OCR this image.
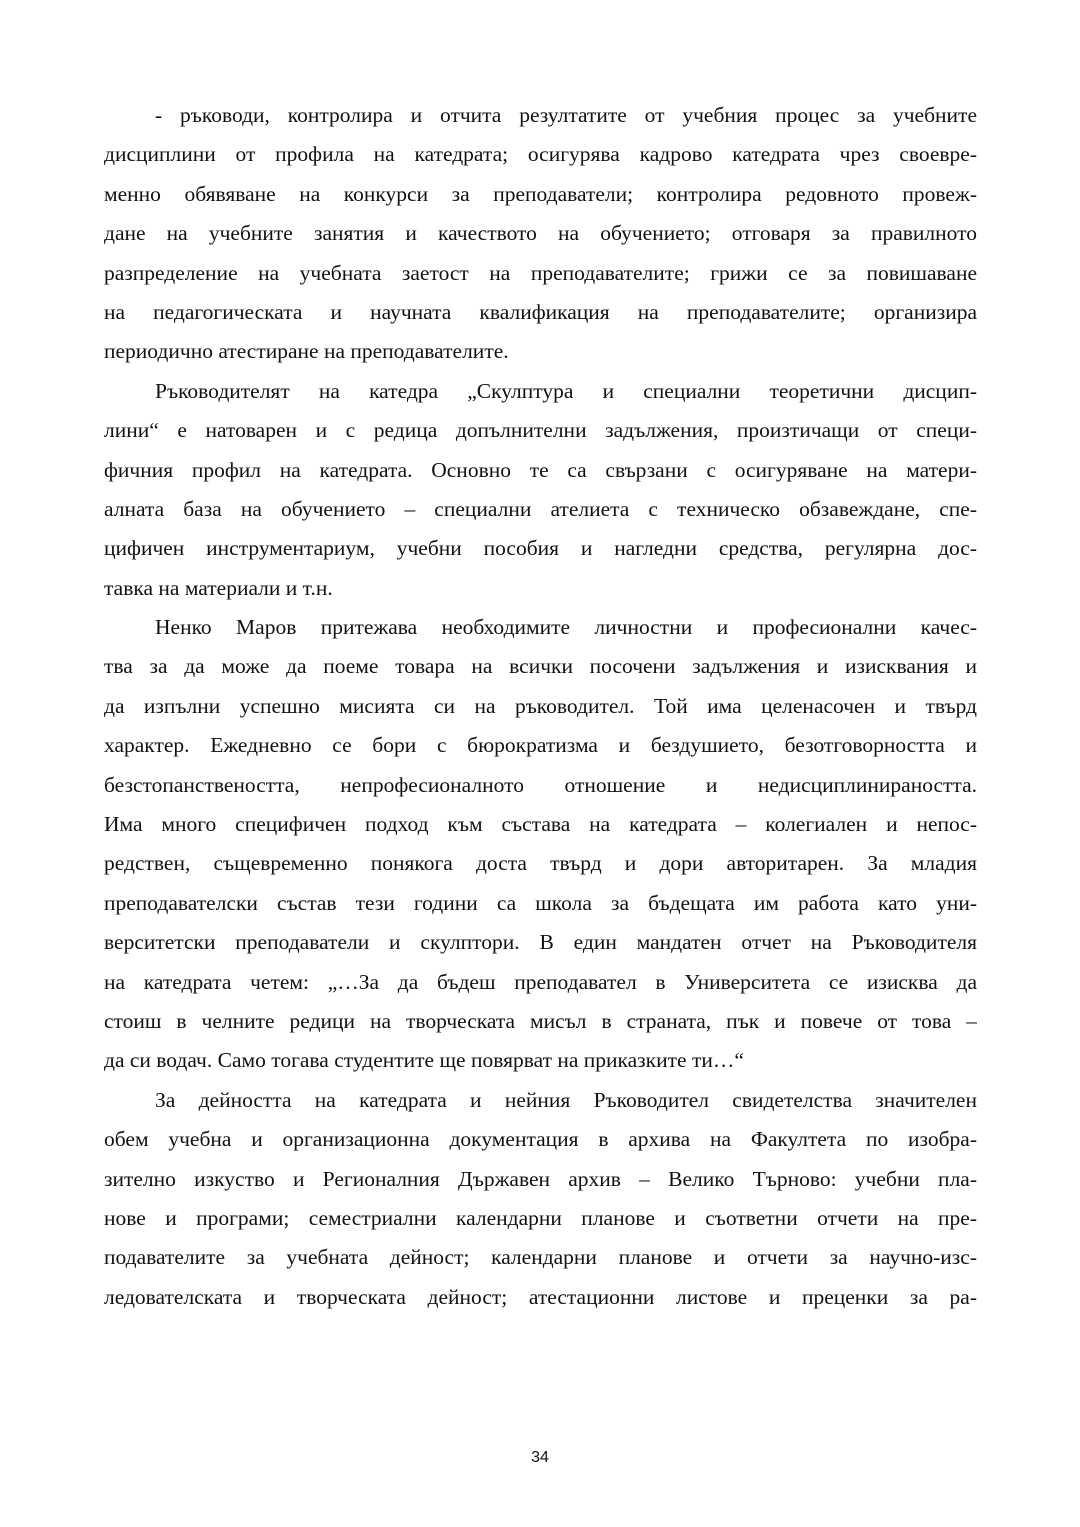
- ръководи, контролира и отчита резултатите от учебния процес за учебните
дисциплини от профила на катедрата; осигурява кадрово катедрата чрез своевре-
менно обявяване на конкурси за преподаватели; контролира редовното провеж-
дане на учебните занятия и качеството на обучението; отговаря за правилното
разпределение на учебната заетост на преподавателите; грижи се за повишаване
на педагогическата и научната квалификация на преподавателите; организира
периодично атестиране на преподавателите.
Ръководителят на катедра „Скулптура и специални теоретични дисцип-
лини“ е натоварен и с редица допълнителни задължения, произтичащи от специ-
фичния профил на катедрата. Основно те са свързани с осигуряване на матери-
алната база на обучението – специални ателиета с техническо обзавеждане, спе-
цифичен инструментариум, учебни пособия и нагледни средства, регулярна дос-
тавка на материали и т.н.
Ненко Маров притежава необходимите личностни и професионални качес-
тва за да може да поеме товара на всички посочени задължения и изисквания и
да изпълни успешно мисията си на ръководител. Той има целенасочен и твърд
характер. Ежедневно се бори с бюрократизма и бездушието, безотговорността и
безстопанствеността, непрофесионалното отношение и недисциплинираността.
Има много специфичен подход към състава на катедрата – колегиален и непос-
редствен, същевременно понякога доста твърд и дори авторитарен. За младия
преподавателски състав тези години са школа за бъдещата им работа като уни-
верситетски преподаватели и скулптори. В един мандатен отчет на Ръководителя
на катедрата четем: „…За да бъдеш преподавател в Университета се изисква да
стоиш в челните редици на творческата мисъл в страната, пък и повече от това –
да си водач. Само тогава студентите ще повярват на приказките ти…“
За дейността на катедрата и нейния Ръководител свидетелства значителен
обем учебна и организационна документация в архива на Факултета по изобра-
зително изкуство и Регионалния Държавен архив – Велико Търново: учебни пла-
нове и програми; семестриални календарни планове и съответни отчети на пре-
подавателите за учебната дейност; календарни планове и отчети за научно-изс-
ледователската и творческата дейност; атестационни листове и преценки за ра-
34
